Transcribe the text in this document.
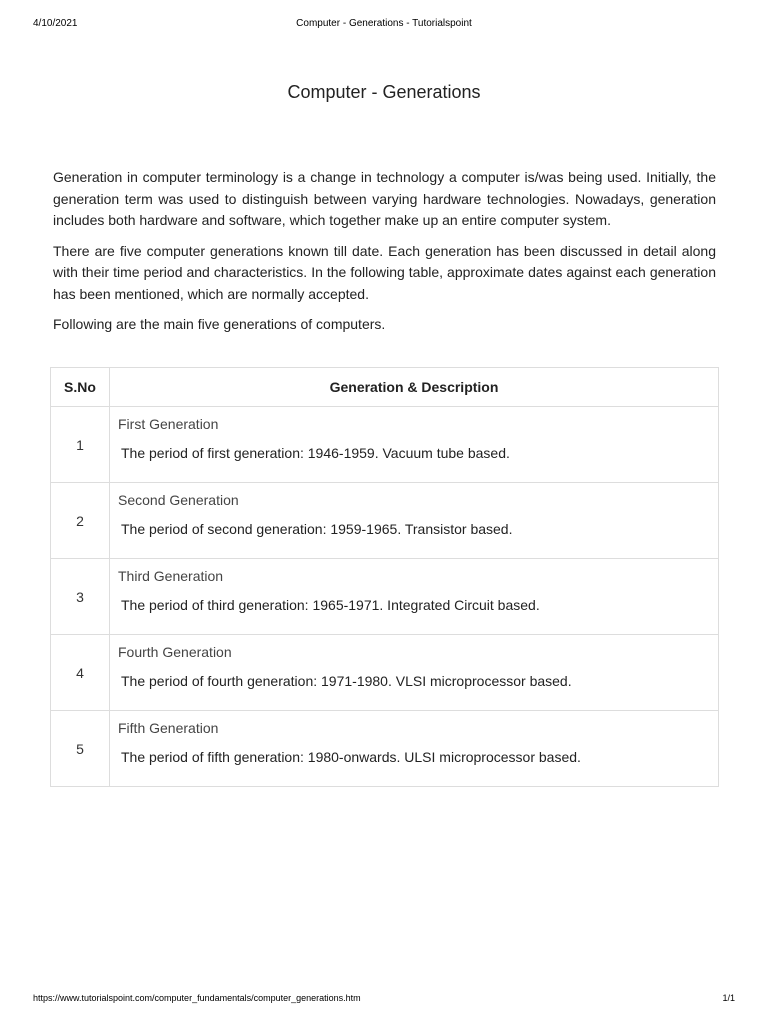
4/10/2021	Computer - Generations - Tutorialspoint
Computer - Generations

Generation in computer terminology is a change in technology a computer is/was being used. Initially, the generation term was used to distinguish between varying hardware technologies. Nowadays, generation includes both hardware and software, which together make up an entire computer system.

There are five computer generations known till date. Each generation has been discussed in detail along with their time period and characteristics. In the following table, approximate dates against each generation has been mentioned, which are normally accepted.

Following are the main five generations of computers.

S.No	Generation & Description
1	First Generation
The period of first generation: 1946-1959. Vacuum tube based.

2	Second Generation
The period of second generation: 1959-1965. Transistor based.

3	Third Generation
The period of third generation: 1965-1971. Integrated Circuit based.

4	Fourth Generation
The period of fourth generation: 1971-1980. VLSI microprocessor based.

5	Fifth Generation
The period of fifth generation: 1980-onwards. ULSI microprocessor based.
https://www.tutorialspoint.com/computer_fundamentals/computer_generations.htm	1/1
